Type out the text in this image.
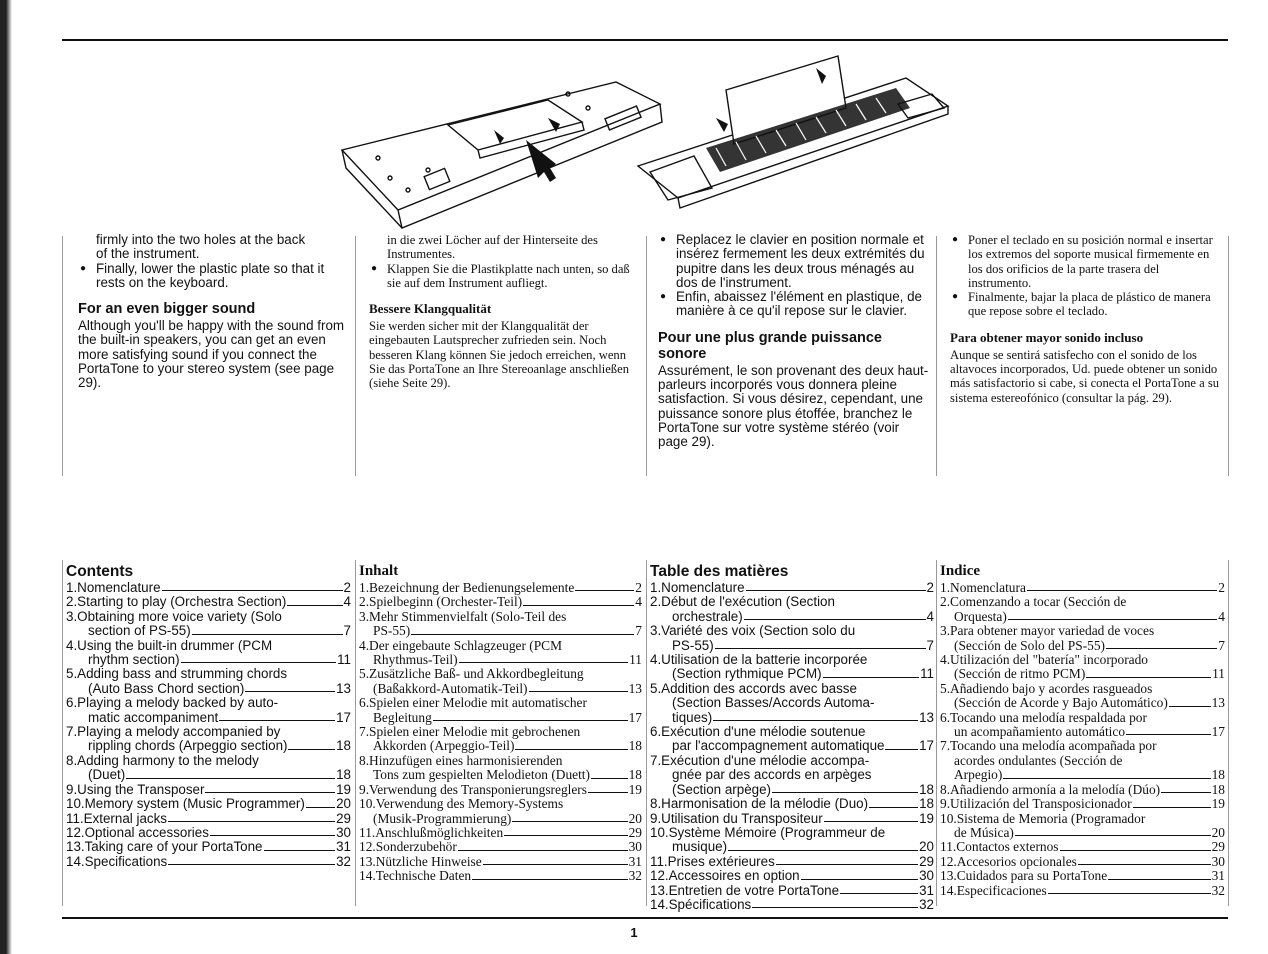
firmly into the two holes at the back

of the instrument.

● Finally, lower the plastic plate so that it rests on the keyboard.

For an even bigger sound

Although you'll be happy with the sound from the built-in speakers, you can get an even more satisfying sound if you connect the PortaTone to your stereo system (see page 29).

in die zwei Löcher auf der Hinterseite des

Instrumentes.

● Klappen Sie die Plastikplatte nach unten, so daß sie auf dem Instrument aufliegt.

Bessere Klangqualität

Sie werden sicher mit der Klangqualität der eingebauten Lautsprecher zufrieden sein. Noch besseren Klang können Sie jedoch erreichen, wenn Sie das PortaTone an Ihre Stereoanlage anschließen (siehe Seite 29).

● Replacez le clavier en position normale et insérez fermement les deux extrémités du pupitre dans les deux trous ménagés au dos de l'instrument.

● Enfin, abaissez l'élément en plastique, de manière à ce qu'il repose sur le clavier.

Pour une plus grande puissance sonore

Assurément, le son provenant des deux haut-parleurs incorporés vous donnera pleine satisfaction. Si vous désirez, cependant, une puissance sonore plus étoffée, branchez le PortaTone sur votre système stéréo (voir page 29).

● Poner el teclado en su posición normal e insertar los extremos del soporte musical firmemente en los dos orificios de la parte trasera del instrumento.

● Finalmente, bajar la placa de plástico de manera que repose sobre el teclado.

Para obtener mayor sonido incluso

Aunque se sentirá satisfecho con el sonido de los altavoces incorporados, Ud. puede obtener un sonido más satisfactorio si cabe, si conecta el PortaTone a su sistema estereofónico (consultar la pág. 29).

Contents
1.Nomenclature	2
2.Starting to play (Orchestra Section)	4
3.Obtaining more voice variety (Solo
section of PS-55)	7
4.Using the built-in drummer (PCM
rhythm section)	11
5.Adding bass and strumming chords
(Auto Bass Chord section)	13
6.Playing a melody backed by auto-
matic accompaniment	17
7.Playing a melody accompanied by
rippling chords (Arpeggio section)	18
8.Adding harmony to the melody
(Duet)	18
9.Using the Transposer	19
10.Memory system (Music Programmer) 20
11.External jacks	29
12.Optional accessories	30
13.Taking care of your PortaTone	31
14.Specifications	32
Inhalt
1.Bezeichnung der Bedienungselemente	2
2.Spielbeginn (Orchester-Teil)	4
3.Mehr Stimmenvielfalt (Solo-Teil des
PS-55)	7
4.Der eingebaute Schlagzeuger (PCM
Rhythmus-Teil)	11
5.Zusätzliche Baß- und Akkordbegleitung
(Baßakkord-Automatik-Teil)	13
6.Spielen einer Melodie mit automatischer
Begleitung	17
7.Spielen einer Melodie mit gebrochenen
Akkorden (Arpeggio-Teil)	18
8.Hinzufügen eines harmonisierenden
Tons zum gespielten Melodieton (Duett)	18
9.Verwendung des Transponierungsreglers	19
10.Verwendung des Memory-Systems
(Musik-Programmierung)	20
11.Anschlußmöglichkeiten	29
12.Sonderzubehör	30
13.Nützliche Hinweise	31
14.Technische Daten	32
Table des matières
1.Nomenclature	2
2.Début de l'exécution (Section
orchestrale)	4
3.Variété des voix (Section solo du
PS-55)	7
4.Utilisation de la batterie incorporée
(Section rythmique PCM)	11
5.Addition des accords avec basse
(Section Basses/Accords Automa-
tiques)	13
6.Exécution d'une mélodie soutenue
par l'accompagnement automatique	17
7.Exécution d'une mélodie accompa-
gnée par des accords en arpèges
(Section arpège)	18
8.Harmonisation de la mélodie (Duo)	18
9.Utilisation du Transpositeur	19
10.Système Mémoire (Programmeur de
musique)	20
11.Prises extérieures	29
12.Accessoires en option	30
13.Entretien de votre PortaTone	31
14.Spécifications	32
Indice
1.Nomenclatura	2
2.Comenzando a tocar (Sección de
Orquesta)	4
3.Para obtener mayor variedad de voces
(Sección de Solo del PS-55)	7
4.Utilización del "batería" incorporado
(Sección de ritmo PCM)	11
5.Añadiendo bajo y acordes rasgueados
(Sección de Acorde y Bajo Automático)	13
6.Tocando una melodía respaldada por
un acompañamiento automático	17
7.Tocando una melodía acompañada por
acordes ondulantes (Sección de
Arpegio)	18
8.Añadiendo armonía a la melodía (Dúo)	18
9.Utilización del Transposicionador	19
10.Sistema de Memoria (Programador
de Música)	20
11.Contactos externos	29
12.Accesorios opcionales	30
13.Cuidados para su PortaTone	31
14.Especificaciones	32
1
